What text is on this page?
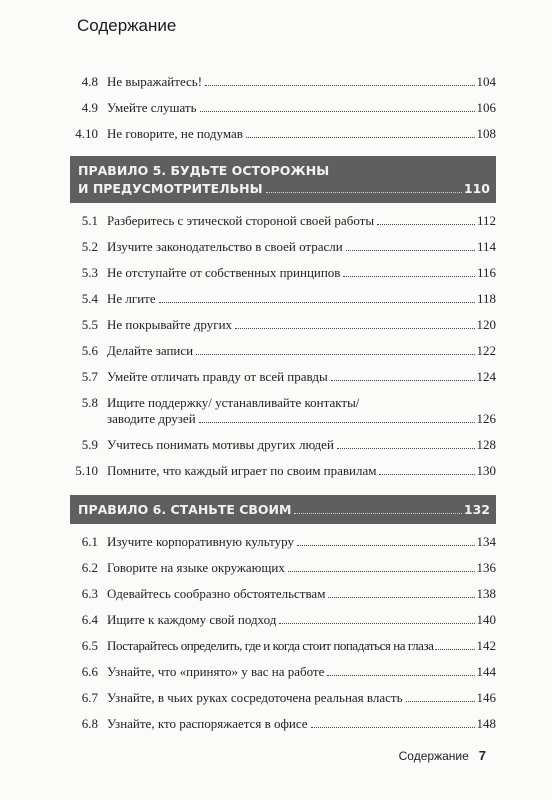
Содержание
4.8 Не выражайтесь!	104
4.9 Умейте слушать	106
4.10 Не говорите, не подумав	108
ПРАВИЛО 5. БУДЬТЕ ОСТОРОЖНЫ
И ПРЕДУСМОТРИТЕЛЬНЫ	110
5.1 Разберитесь с этической стороной своей работы	112
5.2 Изучите законодательство в своей отрасли	114
5.3 Не отступайте от собственных принципов	116
5.4 Не лгите	118
5.5 Не покрывайте других	120
5.6 Делайте записи	122
5.7 Умейте отличать правду от всей правды	124
5.8 Ищите поддержку/ устанавливайте контакты/
заводите друзей	126
5.9 Учитесь понимать мотивы других людей	128
5.10 Помните, что каждый играет по своим правилам	130
ПРАВИЛО 6. СТАНЬТЕ СВОИМ	132
6.1 Изучите корпоративную культуру	134
6.2 Говорите на языке окружающих	136
6.3 Одевайтесь сообразно обстоятельствам	138
6.4 Ищите к каждому свой подход	140
6.5 Постарайтесь определить, где и когда стоит попадаться на глаза	142
6.6 Узнайте, что «принято» у вас на работе	144
6.7 Узнайте, в чьих руках сосредоточена реальная власть	146
6.8 Узнайте, кто распоряжается в офисе	148
Содержание 7
